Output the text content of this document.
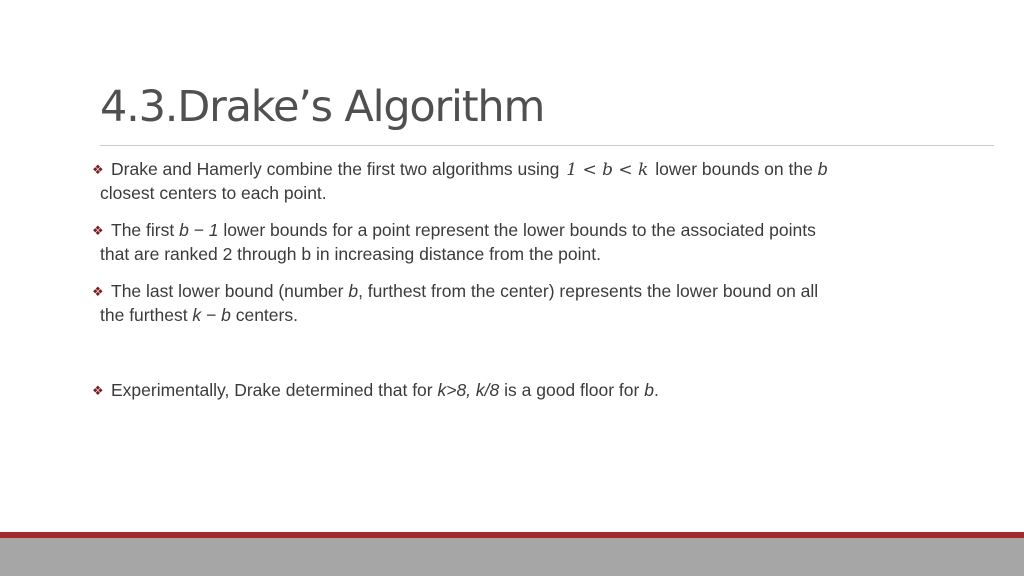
4.3.Drake’s Algorithm
❖ Drake and Hamerly combine the first two algorithms using 1 < b < k lower bounds on the b
closest centers to each point.
❖ The first b − 1 lower bounds for a point represent the lower bounds to the associated points
that are ranked 2 through b in increasing distance from the point.
❖ The last lower bound (number b, furthest from the center) represents the lower bound on all
the furthest k − b centers.
❖ Experimentally, Drake determined that for k>8, k/8 is a good floor for b.
